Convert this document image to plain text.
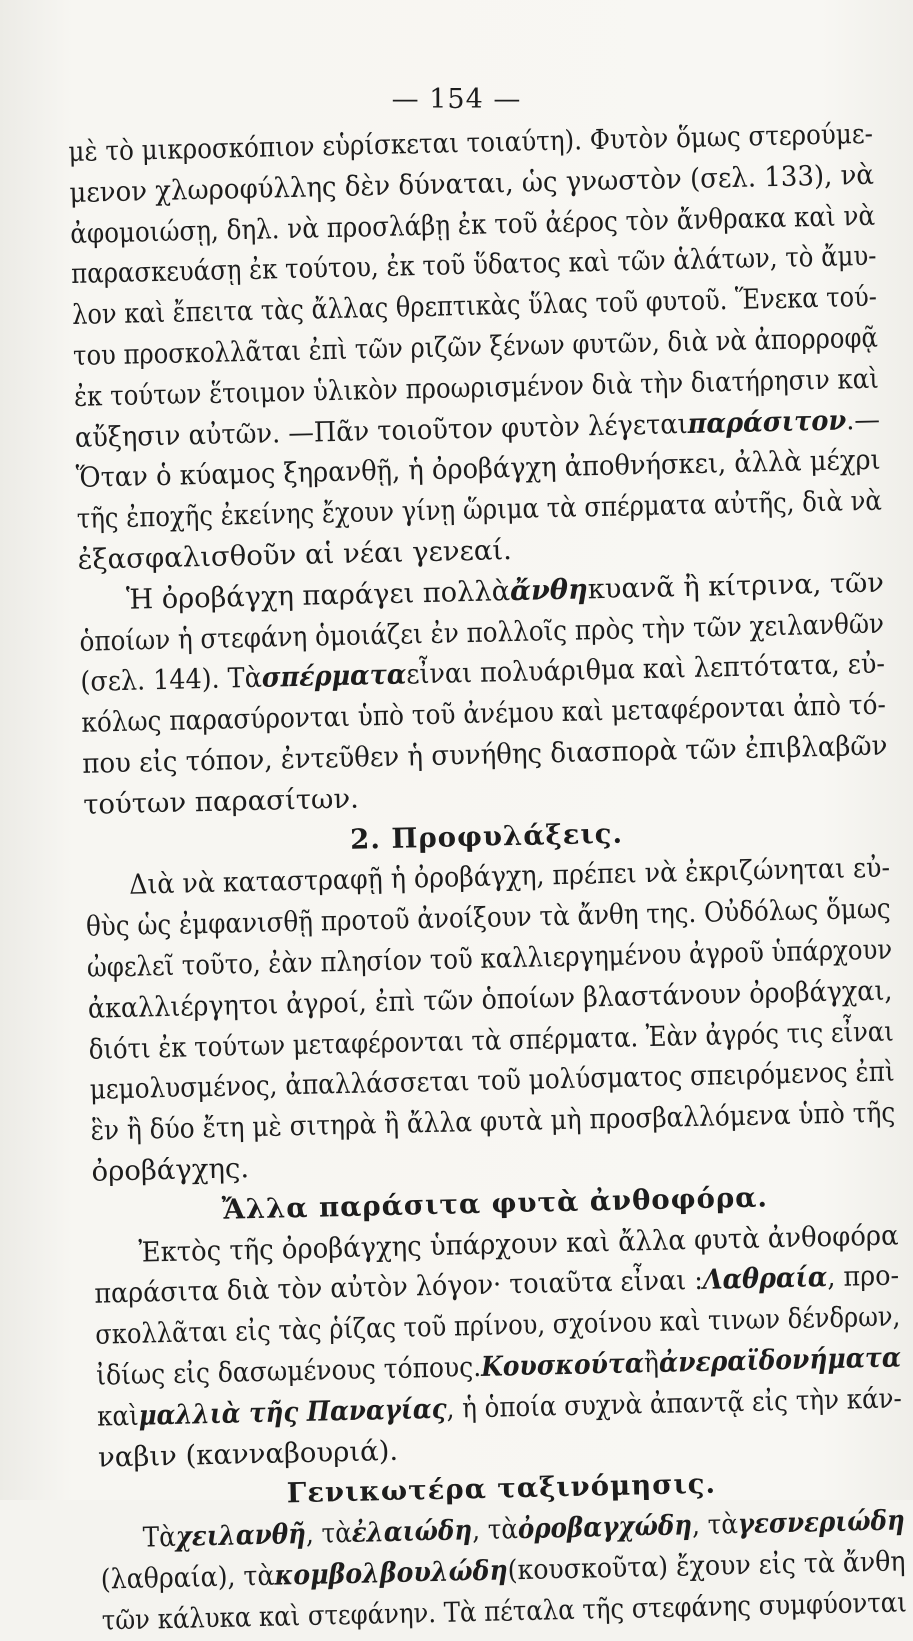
— 154 —
μὲ τὸ μικροσκόπιον εὑρίσκεται τοιαύτη). Φυτὸν ὅμως στερούμε-
μενον χλωροφύλλης δὲν δύναται, ὡς γνωστὸν (σελ. 133), νὰ
ἀφομοιώσῃ, δηλ. νὰ προσλάβῃ ἐκ τοῦ ἀέρος τὸν ἄνθρακα καὶ νὰ
παρασκευάσῃ ἐκ τούτου, ἐκ τοῦ ὕδατος καὶ τῶν ἁλάτων, τὸ ἄμυ-
λον καὶ ἔπειτα τὰς ἄλλας θρεπτικὰς ὕλας τοῦ φυτοῦ. Ἕνεκα τού-
του προσκολλᾶται ἐπὶ τῶν ριζῶν ξένων φυτῶν, διὰ νὰ ἀπορροφᾷ
ἐκ τούτων ἕτοιμον ὑλικὸν προωρισμένον διὰ τὴν διατήρησιν καὶ
αὔξησιν αὐτῶν. —Πᾶν τοιοῦτον φυτὸν λέγεται παράσιτον.—
Ὅταν ὁ κύαμος ξηρανθῇ, ἡ ὀροβάγχη ἀποθνήσκει, ἀλλὰ μέχρι
τῆς ἐποχῆς ἐκείνης ἔχουν γίνῃ ὥριμα τὰ σπέρματα αὐτῆς, διὰ νὰ
ἐξασφαλισθοῦν αἱ νέαι γενεαί.
Ἡ ὀροβάγχη παράγει πολλὰ ἄνθη κυανᾶ ἢ κίτρινα, τῶν
ὁποίων ἡ στεφάνη ὁμοιάζει ἐν πολλοῖς πρὸς τὴν τῶν χειλανθῶν
(σελ. 144). Τὰ σπέρματα εἶναι πολυάριθμα καὶ λεπτότατα, εὐ-
κόλως παρασύρονται ὑπὸ τοῦ ἀνέμου καὶ μεταφέρονται ἀπὸ τό-
που εἰς τόπον, ἐντεῦθεν ἡ συνήθης διασπορὰ τῶν ἐπιβλαβῶν
τούτων παρασίτων.
2. Προφυλάξεις.
Διὰ νὰ καταστραφῇ ἡ ὀροβάγχη, πρέπει νὰ ἐκριζώνηται εὐ-
θὺς ὡς ἐμφανισθῇ προτοῦ ἀνοίξουν τὰ ἄνθη της. Οὐδόλως ὅμως
ὠφελεῖ τοῦτο, ἐὰν πλησίον τοῦ καλλιεργημένου ἀγροῦ ὑπάρχουν
ἀκαλλιέργητοι ἀγροί, ἐπὶ τῶν ὁποίων βλαστάνουν ὀροβάγχαι,
διότι ἐκ τούτων μεταφέρονται τὰ σπέρματα. Ἐὰν ἀγρός τις εἶναι
μεμολυσμένος, ἀπαλλάσσεται τοῦ μολύσματος σπειρόμενος ἐπὶ
ἓν ἢ δύο ἔτη μὲ σιτηρὰ ἢ ἄλλα φυτὰ μὴ προσβαλλόμενα ὑπὸ τῆς
ὀροβάγχης.
Ἄλλα παράσιτα φυτὰ ἀνθοφόρα.
Ἐκτὸς τῆς ὀροβάγχης ὑπάρχουν καὶ ἄλλα φυτὰ ἀνθοφόρα
παράσιτα διὰ τὸν αὐτὸν λόγον· τοιαῦτα εἶναι : Λαθραία, προ-
σκολλᾶται εἰς τὰς ῥίζας τοῦ πρίνου, σχοίνου καὶ τινων δένδρων,
ἰδίως εἰς δασωμένους τόπους. Κουσκούτα ἢ ἀνεραϊδονήματα
καὶ μαλλιὰ τῆς Παναγίας, ἡ ὁποία συχνὰ ἀπαντᾷ εἰς τὴν κάν-
ναβιν (κανναβουριά).
Γενικωτέρα ταξινόμησις.
Τὰ χειλανθῆ, τὰ ἐλαιώδη, τὰ ὀροβαγχώδη, τὰ γεσνεριώδη
(λαθραία), τὰ κομβολβουλώδη (κουσκοῦτα) ἔχουν εἰς τὰ ἄνθη
τῶν κάλυκα καὶ στεφάνην. Τὰ πέταλα τῆς στεφάνης συμφύονται
